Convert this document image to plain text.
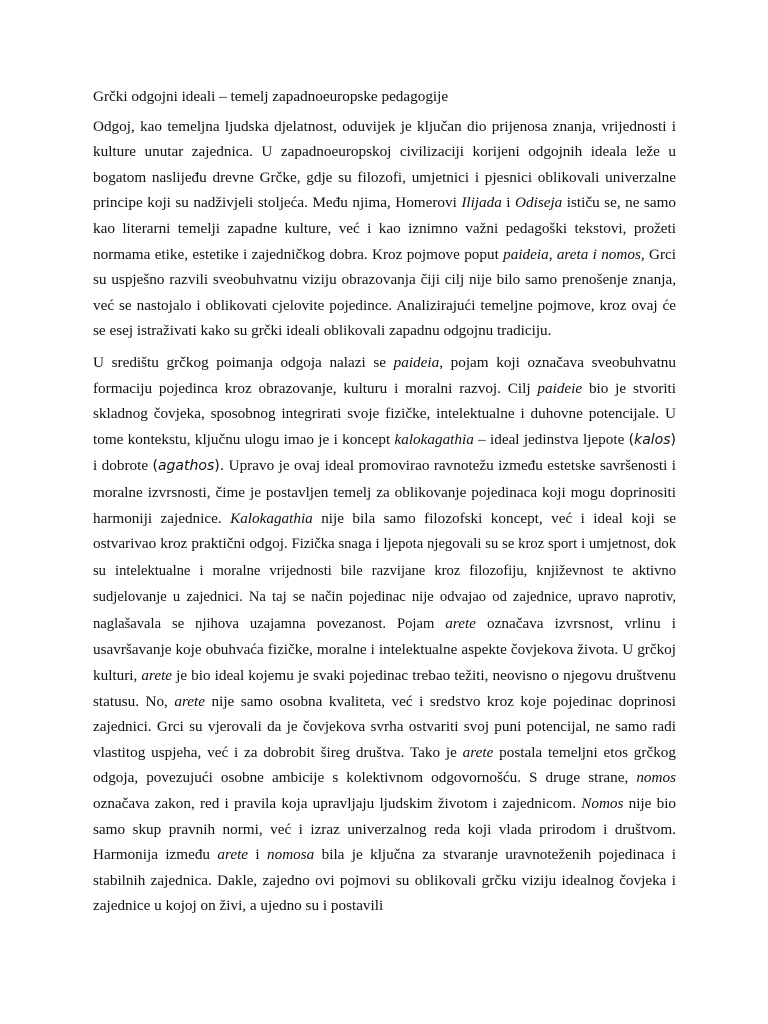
Grčki odgojni ideali – temelj zapadnoeuropske pedagogije

Odgoj, kao temeljna ljudska djelatnost, oduvijek je ključan dio prijenosa znanja, vrijednosti i kulture unutar zajednica. U zapadnoeuropskoj civilizaciji korijeni odgojnih ideala leže u bogatom naslijeđu drevne Grčke, gdje su filozofi, umjetnici i pjesnici oblikovali univerzalne principe koji su nadživjeli stoljeća. Među njima, Homerovi Ilijada i Odiseja ističu se, ne samo kao literarni temelji zapadne kulture, već i kao iznimno važni pedagoški tekstovi, prožeti normama etike, estetike i zajedničkog dobra. Kroz pojmove poput paideia, areta i nomos, Grci su uspješno razvili sveobuhvatnu viziju obrazovanja čiji cilj nije bilo samo prenošenje znanja, već se nastojalo i oblikovati cjelovite pojedince. Analizirajući temeljne pojmove, kroz ovaj će se esej istraživati kako su grčki ideali oblikovali zapadnu odgojnu tradiciju.

U središtu grčkog poimanja odgoja nalazi se paideia, pojam koji označava sveobuhvatnu formaciju pojedinca kroz obrazovanje, kulturu i moralni razvoj. Cilj paideie bio je stvoriti skladnog čovjeka, sposobnog integrirati svoje fizičke, intelektualne i duhovne potencijale. U tome kontekstu, ključnu ulogu imao je i koncept kalokagathia – ideal jedinstva ljepote (kalos) i dobrote (agathos). Upravo je ovaj ideal promovirao ravnotežu između estetske savršenosti i moralne izvrsnosti, čime je postavljen temelj za oblikovanje pojedinaca koji mogu doprinositi harmoniji zajednice. Kalokagathia nije bila samo filozofski koncept, već i ideal koji se ostvarivao kroz praktični odgoj. Fizička snaga i ljepota njegovali su se kroz sport i umjetnost, dok su intelektualne i moralne vrijednosti bile razvijane kroz filozofiju, književnost te aktivno sudjelovanje u zajednici. Na taj se način pojedinac nije odvajao od zajednice, upravo naprotiv, naglašavala se njihova uzajamna povezanost. Pojam arete označava izvrsnost, vrlinu i usavršavanje koje obuhvaća fizičke, moralne i intelektualne aspekte čovjekova života. U grčkoj kulturi, arete je bio ideal kojemu je svaki pojedinac trebao težiti, neovisno o njegovu društvenu statusu. No, arete nije samo osobna kvaliteta, već i sredstvo kroz koje pojedinac doprinosi zajednici. Grci su vjerovali da je čovjekova svrha ostvariti svoj puni potencijal, ne samo radi vlastitog uspjeha, već i za dobrobit šireg društva. Tako je arete postala temeljni etos grčkog odgoja, povezujući osobne ambicije s kolektivnom odgovornošću. S druge strane, nomos označava zakon, red i pravila koja upravljaju ljudskim životom i zajednicom. Nomos nije bio samo skup pravnih normi, već i izraz univerzalnog reda koji vlada prirodom i društvom. Harmonija između arete i nomosa bila je ključna za stvaranje uravnoteženih pojedinaca i stabilnih zajednica. Dakle, zajedno ovi pojmovi su oblikovali grčku viziju idealnog čovjeka i zajednice u kojoj on živi, a ujedno su i postavili
